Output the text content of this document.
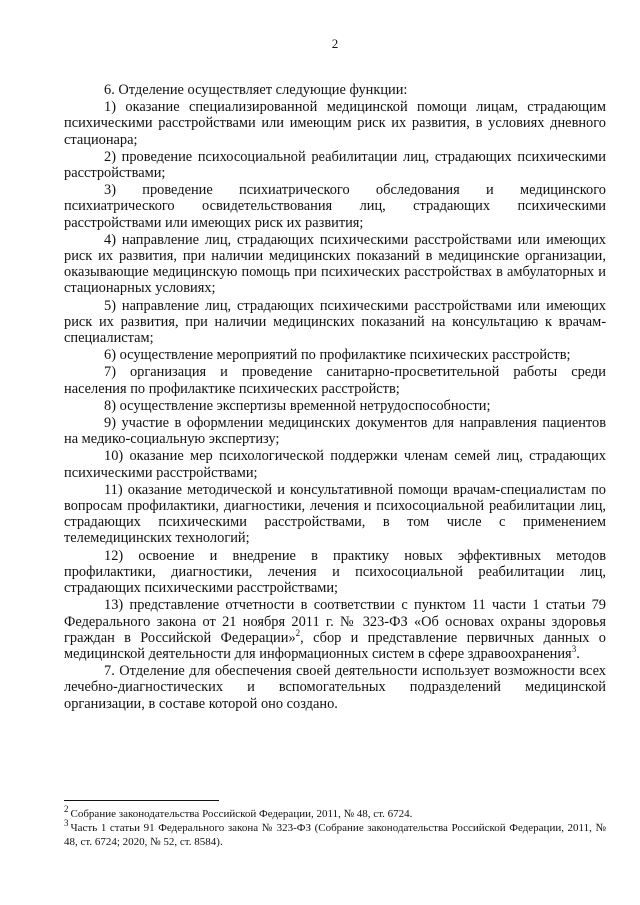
2

6. Отделение осуществляет следующие функции:

1) оказание специализированной медицинской помощи лицам, страдающим психическими расстройствами или имеющим риск их развития, в условиях дневного стационара;

2) проведение психосоциальной реабилитации лиц, страдающих психическими расстройствами;

3) проведение психиатрического обследования и медицинского психиатрического освидетельствования лиц, страдающих психическими расстройствами или имеющих риск их развития;

4) направление лиц, страдающих психическими расстройствами или имеющих риск их развития, при наличии медицинских показаний в медицинские организации, оказывающие медицинскую помощь при психических расстройствах в амбулаторных и стационарных условиях;

5) направление лиц, страдающих психическими расстройствами или имеющих риск их развития, при наличии медицинских показаний на консультацию к врачам-специалистам;

6) осуществление мероприятий по профилактике психических расстройств;

7) организация и проведение санитарно-просветительной работы среди населения по профилактике психических расстройств;

8) осуществление экспертизы временной нетрудоспособности;

9) участие в оформлении медицинских документов для направления пациентов на медико-социальную экспертизу;

10) оказание мер психологической поддержки членам семей лиц, страдающих психическими расстройствами;

11) оказание методической и консультативной помощи врачам-специалистам по вопросам профилактики, диагностики, лечения и психосоциальной реабилитации лиц, страдающих психическими расстройствами, в том числе с применением телемедицинских технологий;

12) освоение и внедрение в практику новых эффективных методов профилактики, диагностики, лечения и психосоциальной реабилитации лиц, страдающих психическими расстройствами;

13) представление отчетности в соответствии с пунктом 11 части 1 статьи 79 Федерального закона от 21 ноября 2011 г. № 323-ФЗ «Об основах охраны здоровья граждан в Российской Федерации»$^2$, сбор и представление первичных данных о медицинской деятельности для информационных систем в сфере здравоохранения$^3$.

7. Отделение для обеспечения своей деятельности использует возможности всех лечебно-диагностических и вспомогательных подразделений медицинской организации, в составе которой оно создано.

$^2$ Собрание законодательства Российской Федерации, 2011, № 48, ст. 6724.

$^3$ Часть 1 статьи 91 Федерального закона № 323-ФЗ (Собрание законодательства Российской Федерации, 2011, № 48, ст. 6724; 2020, № 52, ст. 8584).
